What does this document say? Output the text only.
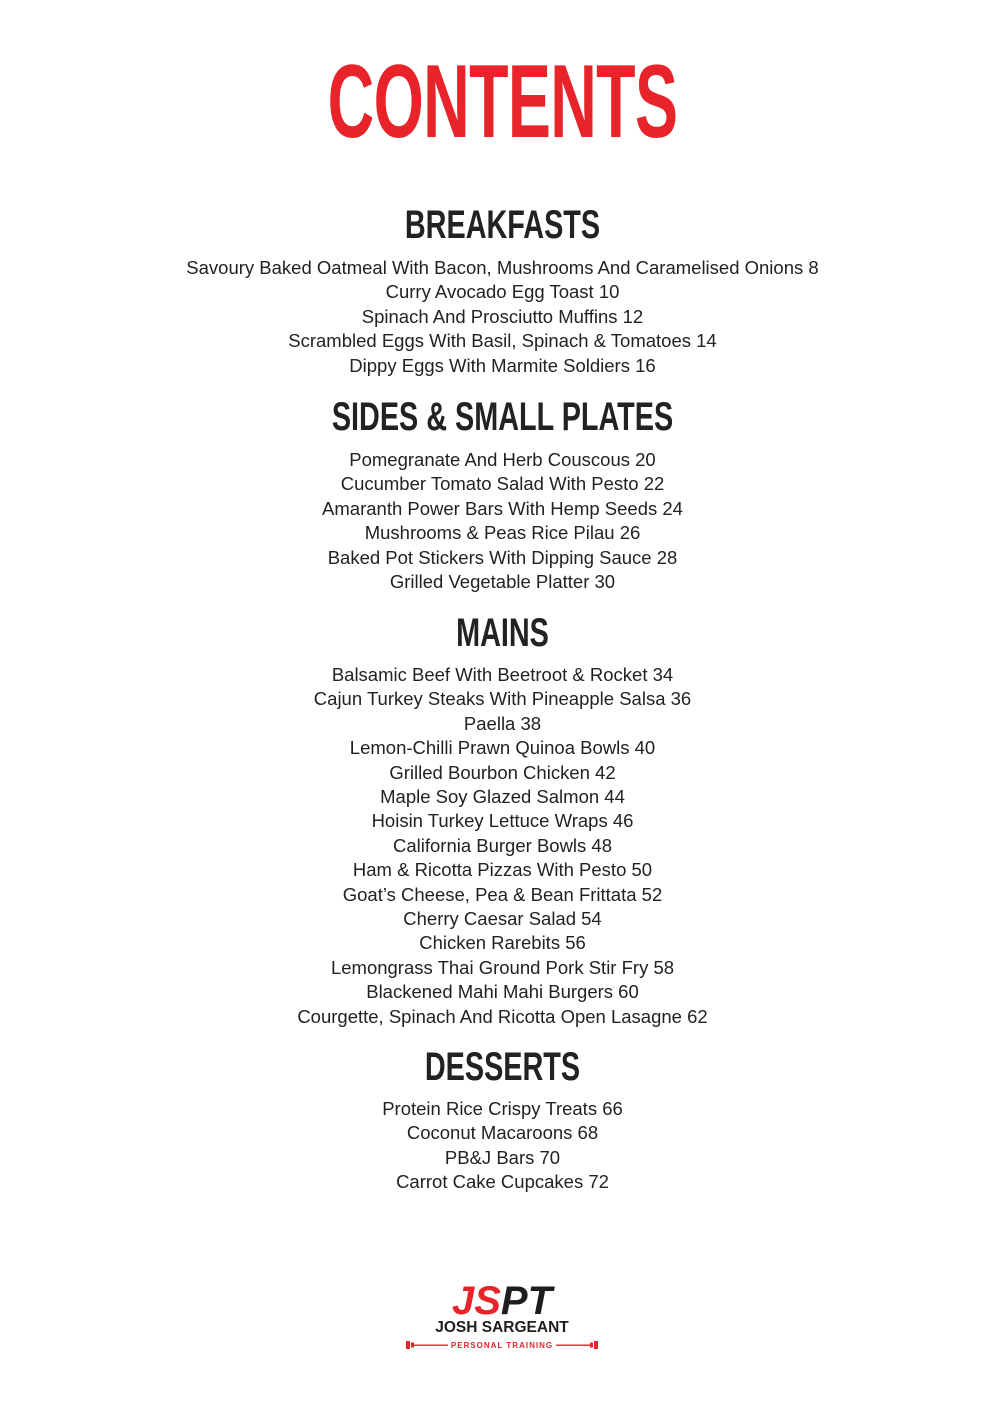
CONTENTS
BREAKFASTS
Savoury Baked Oatmeal With Bacon, Mushrooms And Caramelised Onions 8
Curry Avocado Egg Toast 10
Spinach And Prosciutto Muffins 12
Scrambled Eggs With Basil, Spinach & Tomatoes 14
Dippy Eggs With Marmite Soldiers 16
SIDES & SMALL PLATES
Pomegranate And Herb Couscous 20
Cucumber Tomato Salad With Pesto 22
Amaranth Power Bars With Hemp Seeds 24
Mushrooms & Peas Rice Pilau 26
Baked Pot Stickers With Dipping Sauce 28
Grilled Vegetable Platter 30
MAINS
Balsamic Beef With Beetroot & Rocket 34
Cajun Turkey Steaks With Pineapple Salsa 36
Paella 38
Lemon-Chilli Prawn Quinoa Bowls 40
Grilled Bourbon Chicken 42
Maple Soy Glazed Salmon 44
Hoisin Turkey Lettuce Wraps 46
California Burger Bowls 48
Ham & Ricotta Pizzas With Pesto 50
Goat’s Cheese, Pea & Bean Frittata 52
Cherry Caesar Salad 54
Chicken Rarebits 56
Lemongrass Thai Ground Pork Stir Fry 58
Blackened Mahi Mahi Burgers 60
Courgette, Spinach And Ricotta Open Lasagne 62
DESSERTS
Protein Rice Crispy Treats 66
Coconut Macaroons 68
PB&J Bars 70
Carrot Cake Cupcakes 72
JSPT
JOSH SARGEANT
PERSONAL TRAINING
